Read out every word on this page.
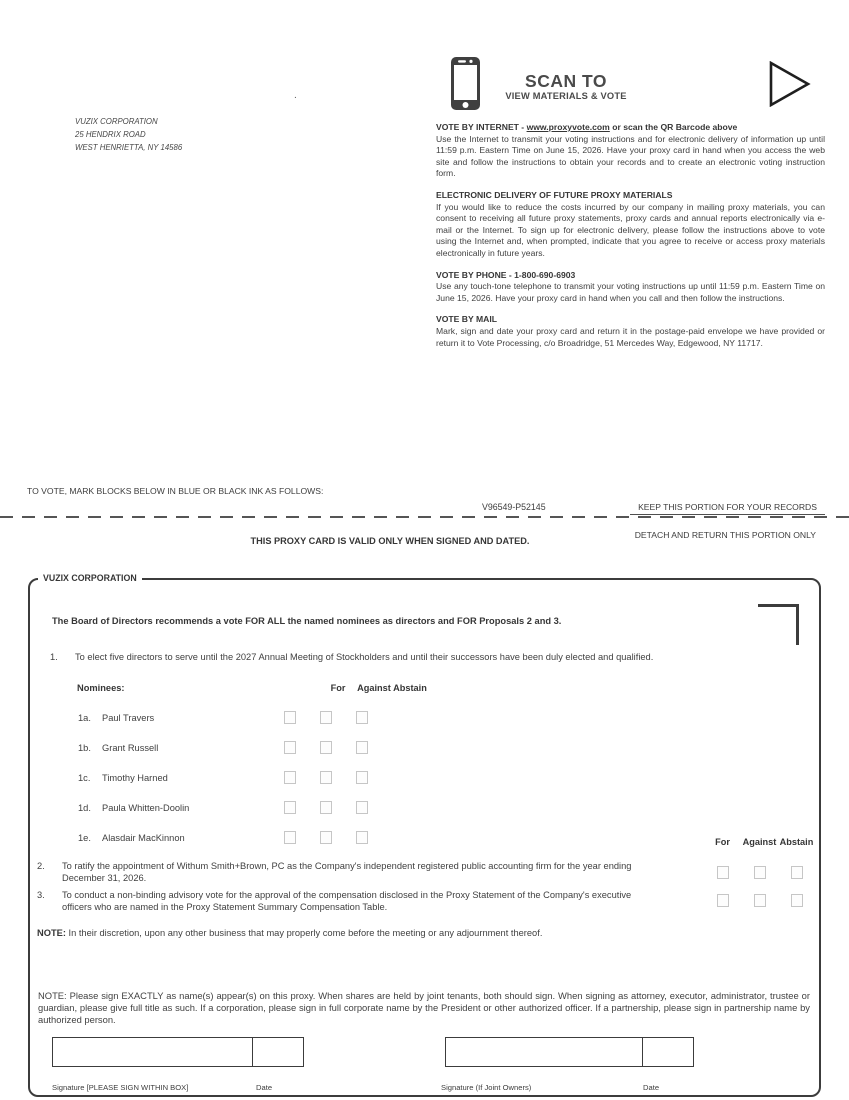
VUZIX CORPORATION
25 HENDRIX ROAD
WEST HENRIETTA, NY 14586
.
SCAN TO
VIEW MATERIALS & VOTE

VOTE BY INTERNET - www.proxyvote.com or scan the QR Barcode above
Use the Internet to transmit your voting instructions and for electronic delivery of information up until 11:59 p.m. Eastern Time on June 15, 2026. Have your proxy card in hand when you access the web site and follow the instructions to obtain your records and to create an electronic voting instruction form.

ELECTRONIC DELIVERY OF FUTURE PROXY MATERIALS
If you would like to reduce the costs incurred by our company in mailing proxy materials, you can consent to receiving all future proxy statements, proxy cards and annual reports electronically via e-mail or the Internet. To sign up for electronic delivery, please follow the instructions above to vote using the Internet and, when prompted, indicate that you agree to receive or access proxy materials electronically in future years.

VOTE BY PHONE - 1-800-690-6903
Use any touch-tone telephone to transmit your voting instructions up until 11:59 p.m. Eastern Time on June 15, 2026. Have your proxy card in hand when you call and then follow the instructions.

VOTE BY MAIL
Mark, sign and date your proxy card and return it in the postage-paid envelope we have provided or return it to Vote Processing, c/o Broadridge, 51 Mercedes Way, Edgewood, NY 11717.

TO VOTE, MARK BLOCKS BELOW IN BLUE OR BLACK INK AS FOLLOWS:
V96549-P52145	KEEP THIS PORTION FOR YOUR RECORDS
THIS PROXY CARD IS VALID ONLY WHEN SIGNED AND DATED.
DETACH AND RETURN THIS PORTION ONLY
VUZIX CORPORATION
The Board of Directors recommends a vote FOR ALL the named nominees as directors and FOR Proposals 2 and 3.
1.	To elect five directors to serve until the 2027 Annual Meeting of Stockholders and until their successors have been duly elected and qualified.
Nominees:	For	Against Abstain
1a.	Paul Travers
1b.	Grant Russell
1c.	Timothy Harned
1d.	Paula Whitten-Doolin
1e.	Alasdair MacKinnon	For	Against Abstain
2.	To ratify the appointment of Withum Smith+Brown, PC as the Company's independent registered public accounting firm for the year ending December 31, 2026.
3.	To conduct a non-binding advisory vote for the approval of the compensation disclosed in the Proxy Statement of the Company's executive officers who are named in the Proxy Statement Summary Compensation Table.
NOTE: In their discretion, upon any other business that may properly come before the meeting or any adjournment thereof.
NOTE: Please sign EXACTLY as name(s) appear(s) on this proxy. When shares are held by joint tenants, both should sign. When signing as attorney, executor, administrator, trustee or guardian, please give full title as such. If a corporation, please sign in full corporate name by the President or other authorized officer. If a partnership, please sign in partnership name by authorized person.
Signature [PLEASE SIGN WITHIN BOX]	Date	Signature (If Joint Owners)	Date
